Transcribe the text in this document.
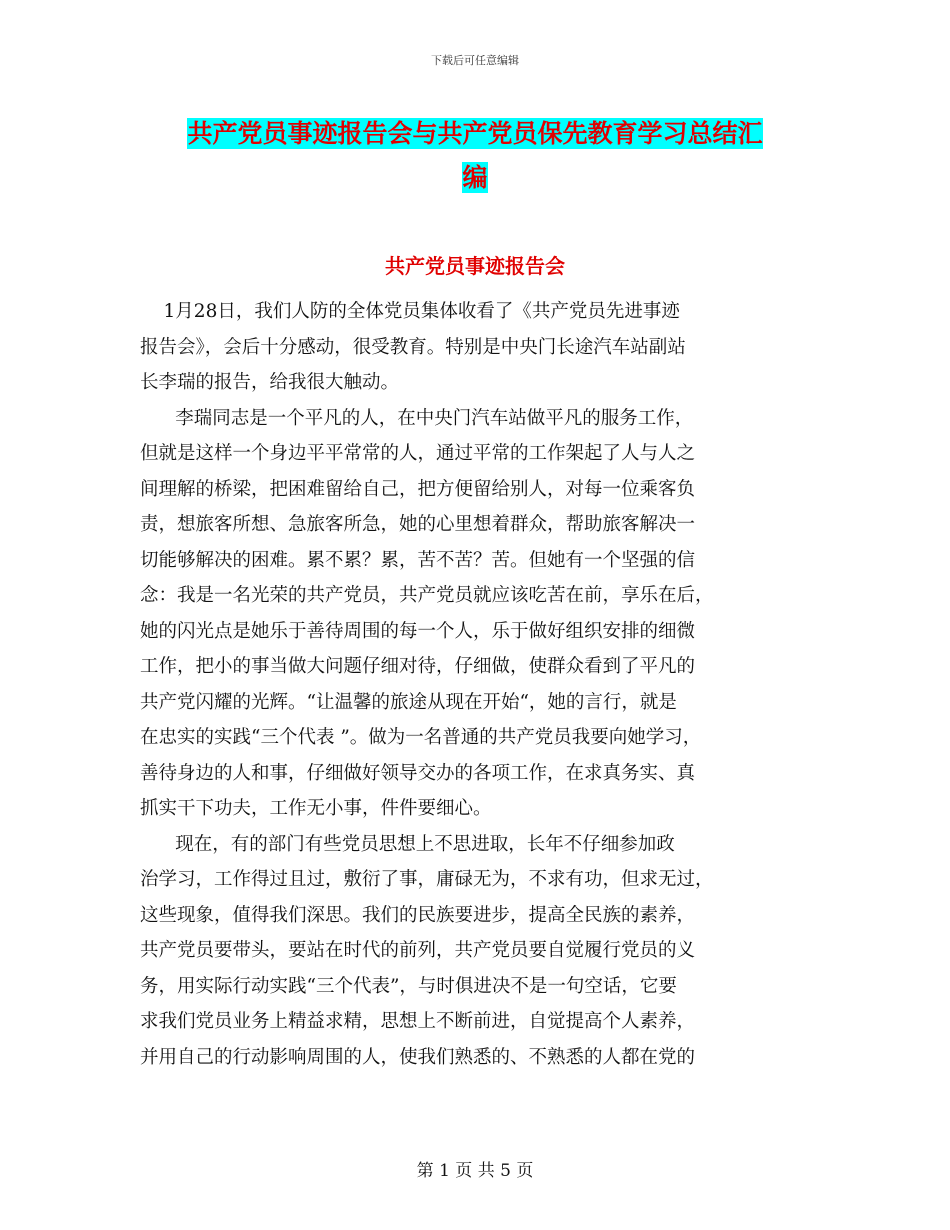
下载后可任意编辑
共产党员事迹报告会与共产党员保先教育学习总结汇
编
共产党员事迹报告会
1月28日，我们人防的全体党员集体收看了《共产党员先进事迹
报告会》，会后十分感动，很受教育。特别是中央门长途汽车站副站
长李瑞的报告，给我很大触动。
李瑞同志是一个平凡的人，在中央门汽车站做平凡的服务工作，
但就是这样一个身边平平常常的人，通过平常的工作架起了人与人之
间理解的桥梁，把困难留给自己，把方便留给别人，对每一位乘客负
责，想旅客所想、急旅客所急，她的心里想着群众，帮助旅客解决一
切能够解决的困难。累不累？累，苦不苦？苦。但她有一个坚强的信
念：我是一名光荣的共产党员，共产党员就应该吃苦在前，享乐在后，
她的闪光点是她乐于善待周围的每一个人，乐于做好组织安排的细微
工作，把小的事当做大问题仔细对待，仔细做，使群众看到了平凡的
共产党闪耀的光辉。“让温馨的旅途从现在开始“，她的言行，就是
在忠实的实践“三个代表 ”。做为一名普通的共产党员我要向她学习，
善待身边的人和事，仔细做好领导交办的各项工作，在求真务实、真
抓实干下功夫，工作无小事，件件要细心。
现在，有的部门有些党员思想上不思进取，长年不仔细参加政
治学习，工作得过且过，敷衍了事，庸碌无为，不求有功，但求无过，
这些现象，值得我们深思。我们的民族要进步，提高全民族的素养，
共产党员要带头，要站在时代的前列，共产党员要自觉履行党员的义
务，用实际行动实践“三个代表”，与时俱进决不是一句空话，它要
求我们党员业务上精益求精，思想上不断前进，自觉提高个人素养，
并用自己的行动影响周围的人，使我们熟悉的、不熟悉的人都在党的
第 1 页 共 5 页
